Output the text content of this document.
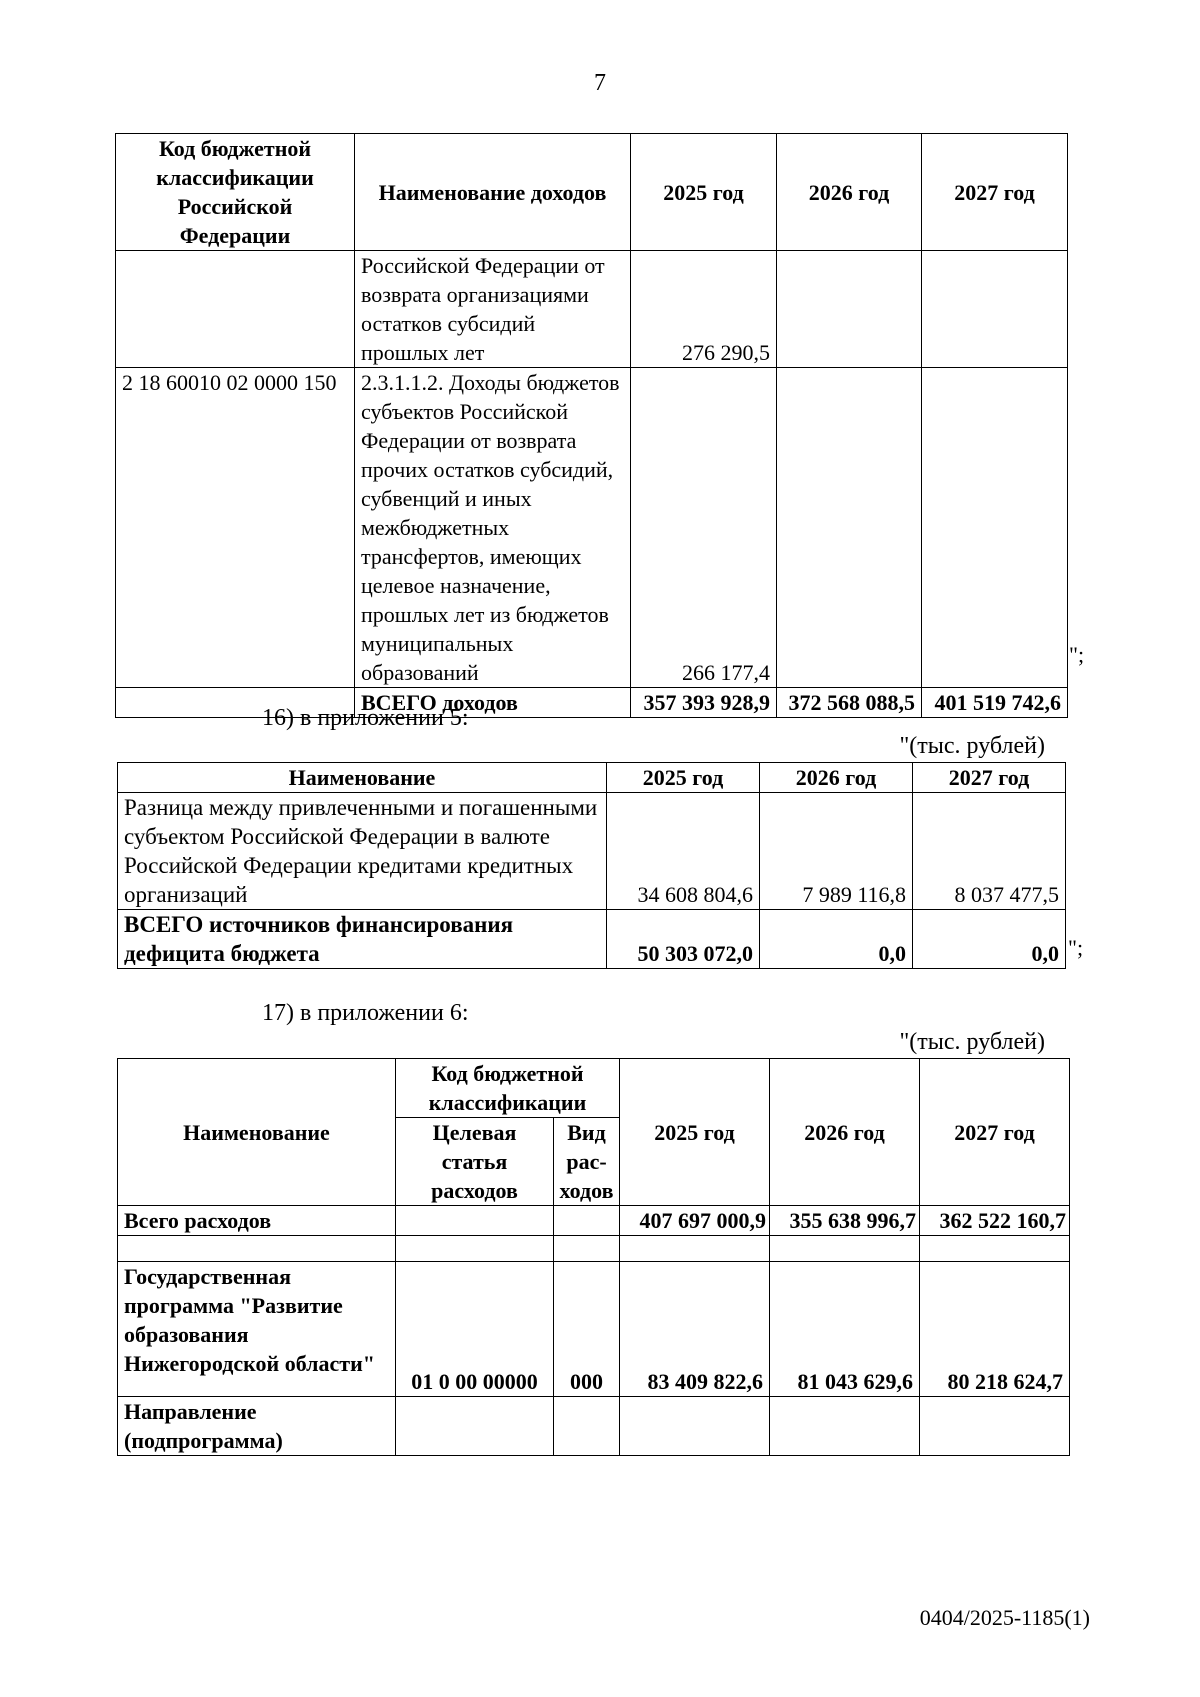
7
Код бюджетной классификации Российской Федерации	Наименование доходов	2025 год	2026 год	2027 год
	Российской Федерации от возврата организациями остатков субсидий прошлых лет	276 290,5		
2 18 60010 02 0000 150	2.3.1.1.2. Доходы бюджетов субъектов Российской Федерации от возврата прочих остатков субсидий, субвенций и иных межбюджетных трансфертов, имеющих целевое назначение, прошлых лет из бюджетов муниципальных образований	266 177,4		
	ВСЕГО доходов	357 393 928,9	372 568 088,5	401 519 742,6
";
16) в приложении 5:
"(тыс. рублей)
Наименование	2025 год	2026 год	2027 год
Разница между привлеченными и погашенными субъектом Российской Федерации в валюте Российской Федерации кредитами кредитных организаций	34 608 804,6	7 989 116,8	8 037 477,5
ВСЕГО источников финансирования дефицита бюджета	50 303 072,0	0,0	0,0 ";
17) в приложении 6:
"(тыс. рублей)
Наименование	Код бюджетной классификации		2025 год	2026 год	2027 год
	Целевая статья расходов	Вид рас-ходов			
Всего расходов			407 697 000,9	355 638 996,7	362 522 160,7

Государственная программа "Развитие образования Нижегородской области"	01 0 00 00000	000	83 409 822,6	81 043 629,6	80 218 624,7
Направление (подпрограмма)					
0404/2025-1185(1)
